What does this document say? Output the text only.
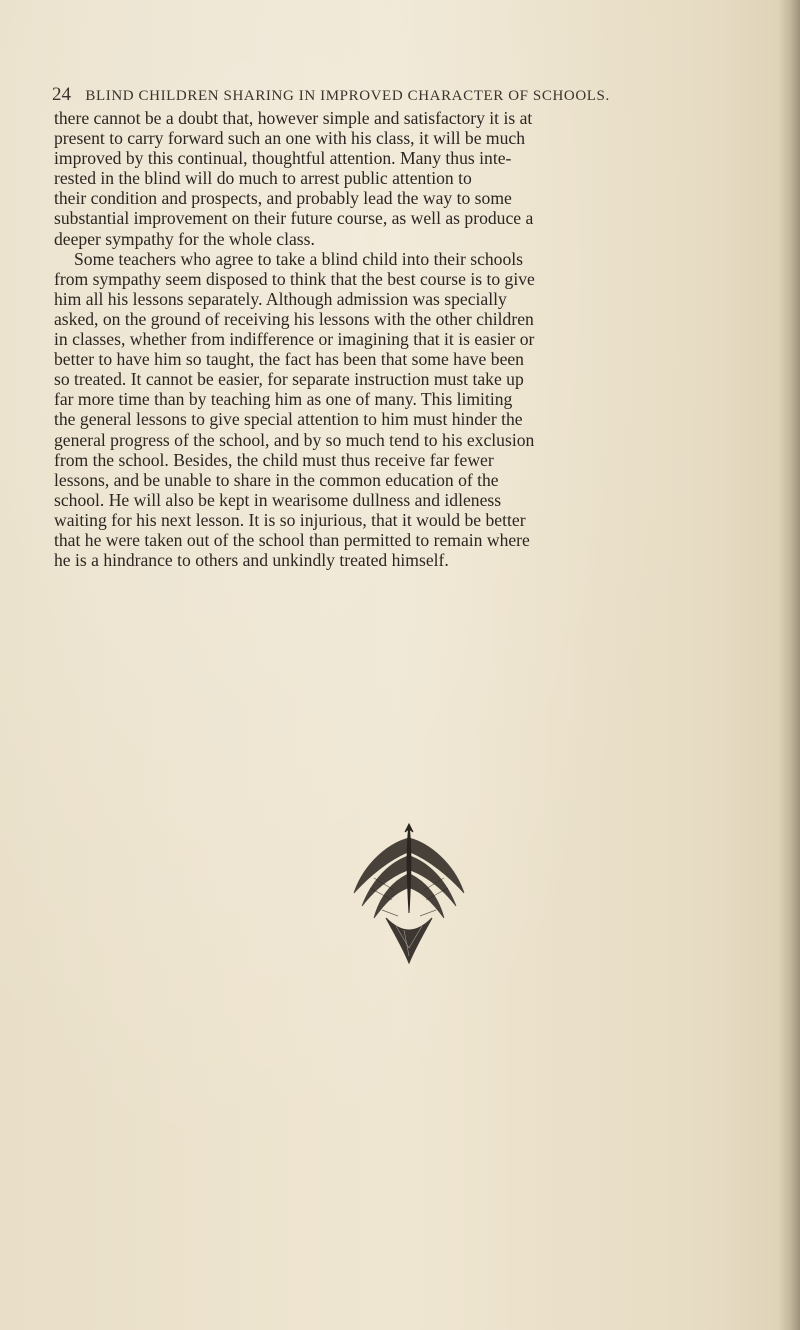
24 BLIND CHILDREN SHARING IN IMPROVED CHARACTER OF SCHOOLS.
there cannot be a doubt that, however simple and satisfactory it is at
present to carry forward such an one with his class, it will be much
improved by this continual, thoughtful attention. Many thus inte-
rested in the blind will do much to arrest public attention to
their condition and prospects, and probably lead the way to some
substantial improvement on their future course, as well as produce a
deeper sympathy for the whole class.
Some teachers who agree to take a blind child into their schools
from sympathy seem disposed to think that the best course is to give
him all his lessons separately. Although admission was specially
asked, on the ground of receiving his lessons with the other children
in classes, whether from indifference or imagining that it is easier or
better to have him so taught, the fact has been that some have been
so treated. It cannot be easier, for separate instruction must take up
far more time than by teaching him as one of many. This limiting
the general lessons to give special attention to him must hinder the
general progress of the school, and by so much tend to his exclusion
from the school. Besides, the child must thus receive far fewer
lessons, and be unable to share in the common education of the
school. He will also be kept in wearisome dullness and idleness
waiting for his next lesson. It is so injurious, that it would be better
that he were taken out of the school than permitted to remain where
he is a hindrance to others and unkindly treated himself.
